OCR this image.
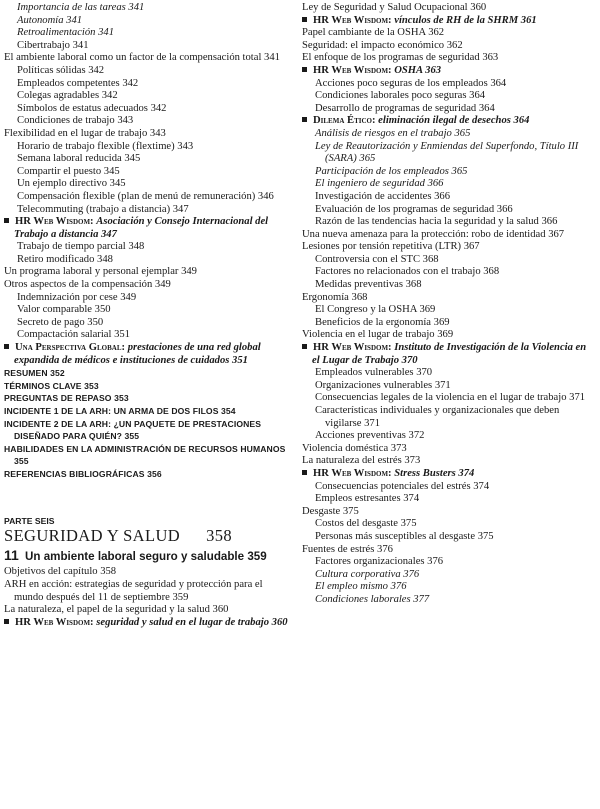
Importancia de las tareas 341
Autonomía 341
Retroalimentación 341
Cibertrabajo 341
El ambiente laboral como un factor de la compensación total 341
Políticas sólidas 342
Empleados competentes 342
Colegas agradables 342
Símbolos de estatus adecuados 342
Condiciones de trabajo 343
Flexibilidad en el lugar de trabajo 343
Horario de trabajo flexible (flextime) 343
Semana laboral reducida 345
Compartir el puesto 345
Un ejemplo directivo 345
Compensación flexible (plan de menú de remuneración) 346
Telecommuting (trabajo a distancia) 347
HR Web Wisdom: Asociación y Consejo Internacional del Trabajo a distancia 347
Trabajo de tiempo parcial 348
Retiro modificado 348
Un programa laboral y personal ejemplar 349
Otros aspectos de la compensación 349
Indemnización por cese 349
Valor comparable 350
Secreto de pago 350
Compactación salarial 351
Una Perspectiva Global: prestaciones de una red global expandida de médicos e instituciones de cuidados 351
RESUMEN 352
TÉRMINOS CLAVE 353
PREGUNTAS DE REPASO 353
INCIDENTE 1 DE LA ARH: UN ARMA DE DOS FILOS 354
INCIDENTE 2 DE LA ARH: ¿UN PAQUETE DE PRESTACIONES DISEÑADO PARA QUIÉN? 355
HABILIDADES EN LA ADMINISTRACIÓN DE RECURSOS HUMANOS 355
REFERENCIAS BIBLIOGRÁFICAS 356
PARTE SEIS
SEGURIDAD Y SALUD 358
11 Un ambiente laboral seguro y saludable 359
Objetivos del capítulo 358
ARH en acción: estrategias de seguridad y protección para el mundo después del 11 de septiembre 359
La naturaleza, el papel de la seguridad y la salud 360
HR Web Wisdom: seguridad y salud en el lugar de trabajo 360
Ley de Seguridad y Salud Ocupacional 360
HR Web Wisdom: vínculos de RH de la SHRM 361
Papel cambiante de la OSHA 362
Seguridad: el impacto económico 362
El enfoque de los programas de seguridad 363
HR Web Wisdom: OSHA 363
Acciones poco seguras de los empleados 364
Condiciones laborales poco seguras 364
Desarrollo de programas de seguridad 364
Dilema Ético: eliminación ilegal de desechos 364
Análisis de riesgos en el trabajo 365
Ley de Reautorización y Enmiendas del Superfondo, Título III (SARA) 365
Participación de los empleados 365
El ingeniero de seguridad 366
Investigación de accidentes 366
Evaluación de los programas de seguridad 366
Razón de las tendencias hacia la seguridad y la salud 366
Una nueva amenaza para la protección: robo de identidad 367
Lesiones por tensión repetitiva (LTR) 367
Controversia con el STC 368
Factores no relacionados con el trabajo 368
Medidas preventivas 368
Ergonomía 368
El Congreso y la OSHA 369
Beneficios de la ergonomía 369
Violencia en el lugar de trabajo 369
HR Web Wisdom: Instituto de Investigación de la Violencia en el Lugar de Trabajo 370
Empleados vulnerables 370
Organizaciones vulnerables 371
Consecuencias legales de la violencia en el lugar de trabajo 371
Características individuales y organizacionales que deben vigilarse 371
Acciones preventivas 372
Violencia doméstica 373
La naturaleza del estrés 373
HR Web Wisdom: Stress Busters 374
Consecuencias potenciales del estrés 374
Empleos estresantes 374
Desgaste 375
Costos del desgaste 375
Personas más susceptibles al desgaste 375
Fuentes de estrés 376
Factores organizacionales 376
Cultura corporativa 376
El empleo mismo 376
Condiciones laborales 377
